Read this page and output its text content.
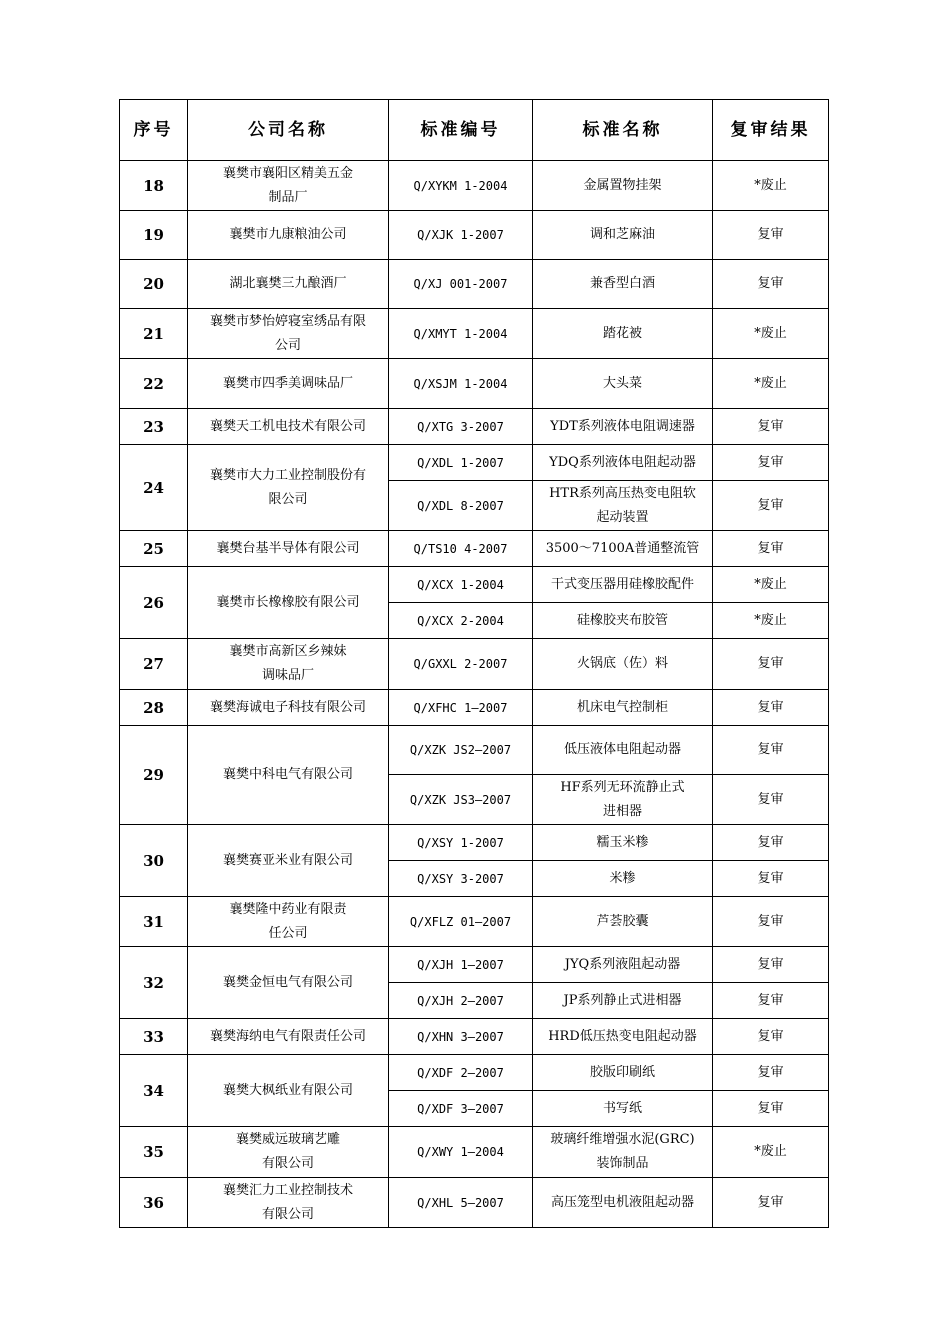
序号	公司名称	标准编号	标准名称	复审结果
18	襄樊市襄阳区精美五金
制品厂	Q/XYKM 1-2004	金属置物挂架	*废止
19	襄樊市九康粮油公司	Q/XJK 1-2007	调和芝麻油	复审
20	湖北襄樊三九酿酒厂	Q/XJ 001-2007	兼香型白酒	复审
21	襄樊市梦怡婷寝室绣品有限
公司	Q/XMYT 1-2004	踏花被	*废止
22	襄樊市四季美调味品厂	Q/XSJM 1-2004	大头菜	*废止
23	襄樊天工机电技术有限公司	Q/XTG 3-2007	YDT系列液体电阻调速器	复审
24	襄樊市大力工业控制股份有
限公司	Q/XDL 1-2007	YDQ系列液体电阻起动器	复审
		Q/XDL 8-2007	HTR系列高压热变电阻软
起动装置	复审
25	襄樊台基半导体有限公司	Q/TS10 4-2007	3500～7100A普通整流管	复审
26	襄樊市长橡橡胶有限公司	Q/XCX 1-2004	干式变压器用硅橡胶配件	*废止
		Q/XCX 2-2004	硅橡胶夹布胶管	*废止
27	襄樊市高新区乡辣妹
调味品厂	Q/GXXL 2-2007	火锅底（佐）料	复审
28	襄樊海诚电子科技有限公司	Q/XFHC 1—2007	机床电气控制柜	复审
29	襄樊中科电气有限公司	Q/XZK JS2—2007	低压液体电阻起动器	复审
		Q/XZK JS3—2007	HF系列无环流静止式
进相器	复审
30	襄樊赛亚米业有限公司	Q/XSY 1-2007	糯玉米糁	复审
		Q/XSY 3-2007	米糁	复审
31	襄樊隆中药业有限责
任公司	Q/XFLZ 01—2007	芦荟胶囊	复审
32	襄樊金恒电气有限公司	Q/XJH 1—2007	JYQ系列液阻起动器	复审
		Q/XJH 2—2007	JP系列静止式进相器	复审
33	襄樊海纳电气有限责任公司	Q/XHN 3—2007	HRD低压热变电阻起动器	复审
34	襄樊大枫纸业有限公司	Q/XDF 2—2007	胶版印刷纸	复审
		Q/XDF 3—2007	书写纸	复审
35	襄樊威远玻璃艺雕
有限公司	Q/XWY 1—2004	玻璃纤维增强水泥(GRC)
装饰制品	*废止
36	襄樊汇力工业控制技术
有限公司	Q/XHL 5—2007	高压笼型电机液阻起动器	复审
